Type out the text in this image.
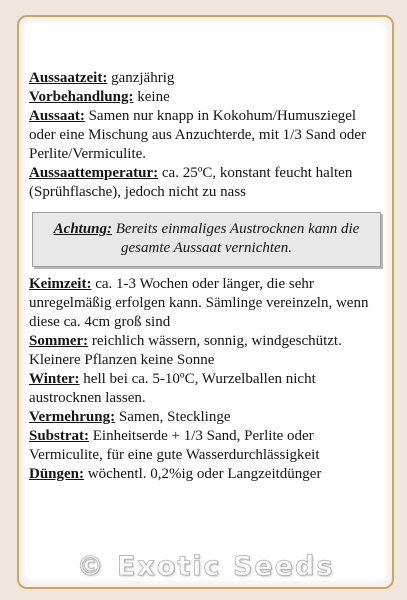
Aussaatzeit: ganzjährig

Vorbehandlung: keine

Aussaat: Samen nur knapp in Kokohum/Humusziegel oder eine Mischung aus Anzuchterde, mit 1/3 Sand oder Perlite/Vermiculite.

Aussaattemperatur: ca. 25ºC, konstant feucht halten (Sprühflasche), jedoch nicht zu nass

Achtung: Bereits einmaliges Austrocknen kann die gesamte Aussaat vernichten.

Keimzeit: ca. 1-3 Wochen oder länger, die sehr unregelmäßig erfolgen kann. Sämlinge vereinzeln, wenn diese ca. 4cm groß sind

Sommer: reichlich wässern, sonnig, windgeschützt. Kleinere Pflanzen keine Sonne

Winter: hell bei ca. 5-10ºC, Wurzelballen nicht austrocknen lassen.

Vermehrung: Samen, Stecklinge

Substrat: Einheitserde + 1/3 Sand, Perlite oder Vermiculite, für eine gute Wasserdurchlässigkeit

Düngen: wöchentl. 0,2%ig oder Langzeitdünger

© Exotic Seeds
